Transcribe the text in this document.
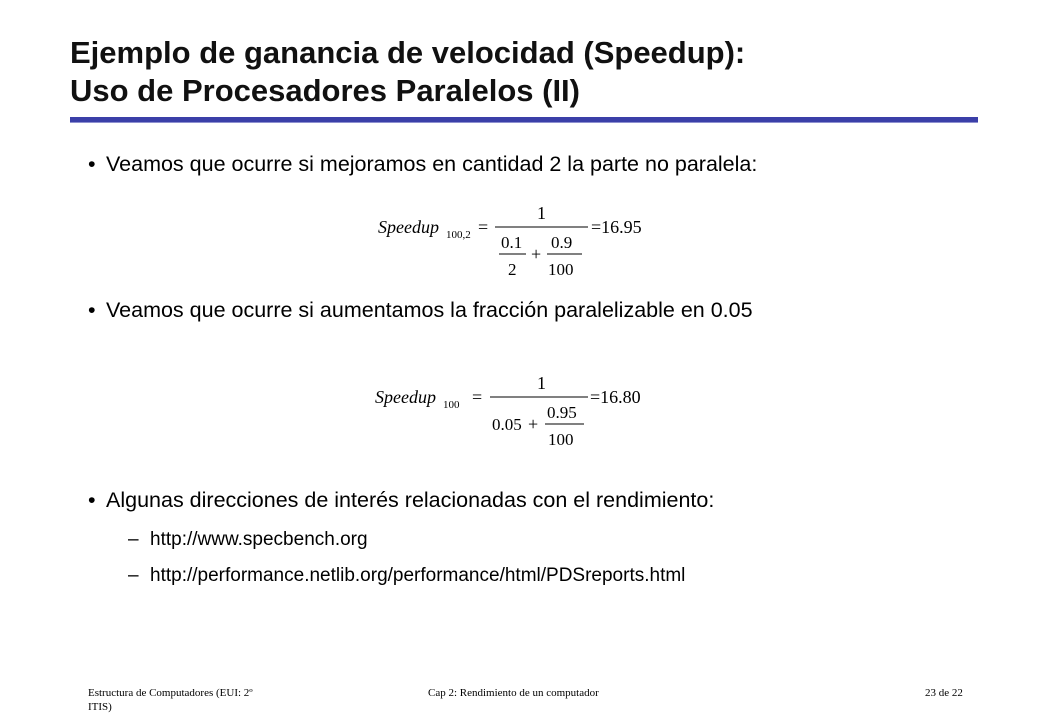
Ejemplo de ganancia de velocidad (Speedup):
Uso de Procesadores Paralelos (II)
• Veamos que ocurre si mejoramos en cantidad 2 la parte no paralela:
Speedup 100,2 =
1
0.1
2
+
0.9
100
=16.95
• Veamos que ocurre si aumentamos la fracción paralelizable en 0.05
Speedup 100 =
1
0.05 +
0.95
100
=16.80
• Algunas direcciones de interés relacionadas con el rendimiento:
– http://www.specbench.org
– http://performance.netlib.org/performance/html/PDSreports.html
Estructura de Computadores (EUI: 2º
ITIS)
Cap 2: Rendimiento de un computador	23 de 22
